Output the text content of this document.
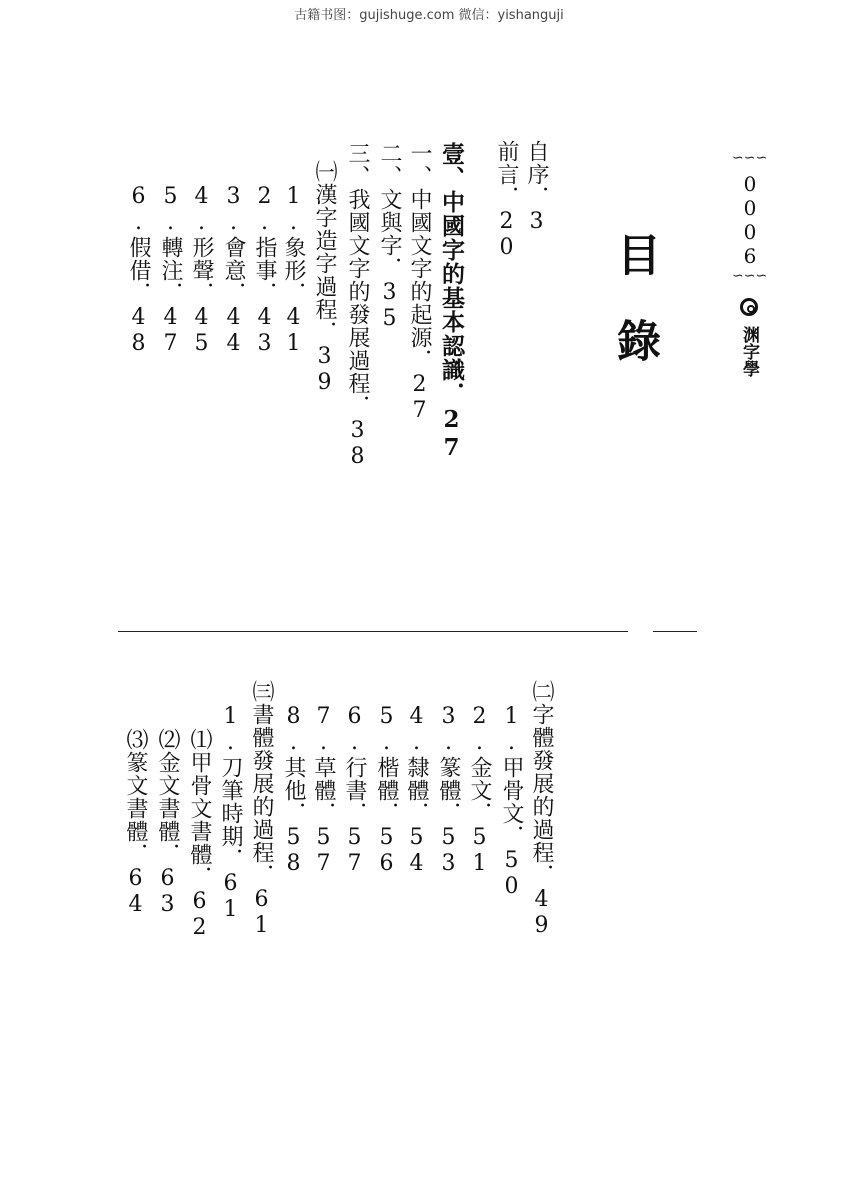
古籍书图：gujishuge.com 微信：yishanguji
∽∽∽
0006
∽∽∽
渊字學
目
錄
自序．3
前言．20
壹、中國字的基本認識．27
一、中國文字的起源．27
二、文與字．35
三、我國文字的發展過程．38
㈠漢字造字過程．39
1.象形．41
2.指事．43
3.會意．44
4.形聲．45
5.轉注．47
6.假借．48
㈡字體發展的過程．49
1.甲骨文．50
2.金文．51
3.篆體．53
4.隸體．54
5.楷體．56
6.行書．57
7.草體．57
8.其他．58
㈢書體發展的過程．61
1.刀筆時期．61
⑴甲骨文書體．62
⑵金文書體．63
⑶篆文書體．64
